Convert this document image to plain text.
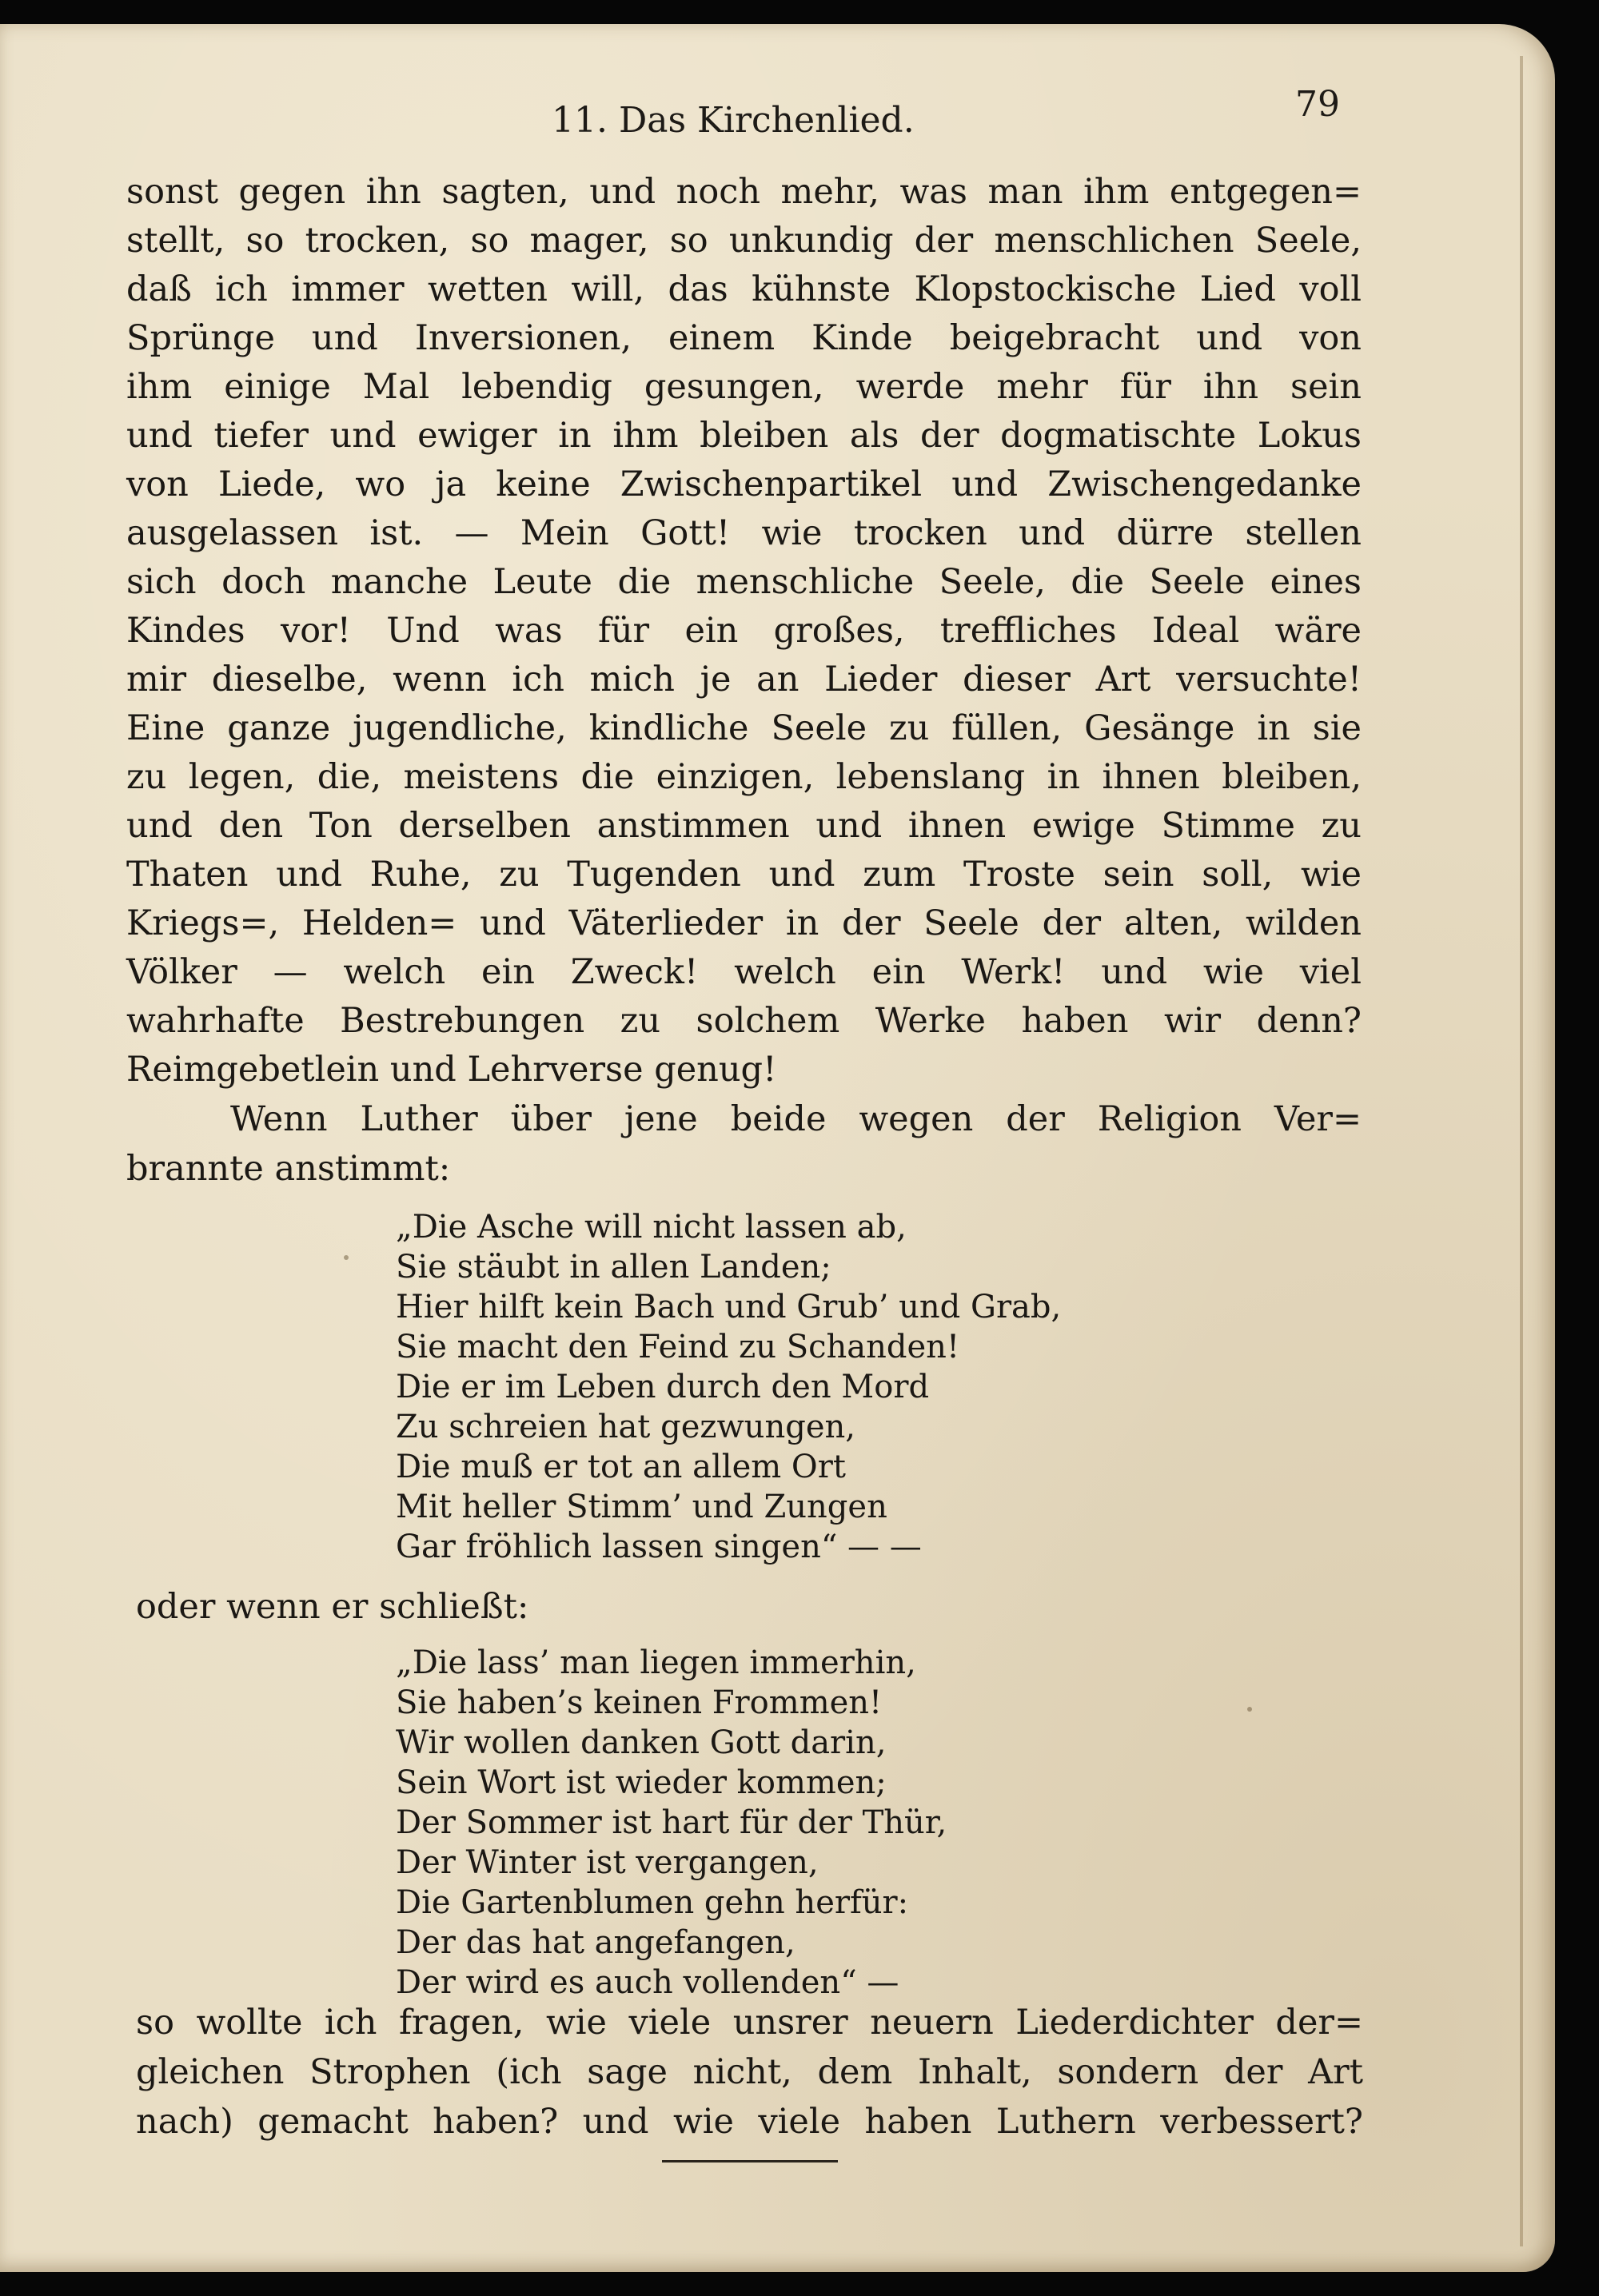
11. Das Kirchenlied.	79
sonst gegen ihn sagten, und noch mehr, was man ihm entgegen=
stellt, so trocken, so mager, so unkundig der menschlichen Seele,
daß ich immer wetten will, das kühnste Klopstockische Lied voll
Sprünge und Inversionen, einem Kinde beigebracht und von
ihm einige Mal lebendig gesungen, werde mehr für ihn sein
und tiefer und ewiger in ihm bleiben als der dogmatischte Lokus
von Liede, wo ja keine Zwischenpartikel und Zwischengedanke
ausgelassen ist. — Mein Gott! wie trocken und dürre stellen
sich doch manche Leute die menschliche Seele, die Seele eines
Kindes vor! Und was für ein großes, treffliches Ideal wäre
mir dieselbe, wenn ich mich je an Lieder dieser Art versuchte!
Eine ganze jugendliche, kindliche Seele zu füllen, Gesänge in sie
zu legen, die, meistens die einzigen, lebenslang in ihnen bleiben,
und den Ton derselben anstimmen und ihnen ewige Stimme zu
Thaten und Ruhe, zu Tugenden und zum Troste sein soll, wie
Kriegs=, Helden= und Väterlieder in der Seele der alten, wilden
Völker — welch ein Zweck! welch ein Werk! und wie viel
wahrhafte Bestrebungen zu solchem Werke haben wir denn?
Reimgebetlein und Lehrverse genug!
Wenn Luther über jene beide wegen der Religion Ver=
brannte anstimmt:
„Die Asche will nicht lassen ab,
Sie stäubt in allen Landen;
Hier hilft kein Bach und Grub’ und Grab,
Sie macht den Feind zu Schanden!
Die er im Leben durch den Mord
Zu schreien hat gezwungen,
Die muß er tot an allem Ort
Mit heller Stimm’ und Zungen
Gar fröhlich lassen singen“ — —
oder wenn er schließt:
„Die lass’ man liegen immerhin,
Sie haben’s keinen Frommen!
Wir wollen danken Gott darin,
Sein Wort ist wieder kommen;
Der Sommer ist hart für der Thür,
Der Winter ist vergangen,
Die Gartenblumen gehn herfür:
Der das hat angefangen,
Der wird es auch vollenden“ —
so wollte ich fragen, wie viele unsrer neuern Liederdichter der=
gleichen Strophen (ich sage nicht, dem Inhalt, sondern der Art
nach) gemacht haben? und wie viele haben Luthern verbessert?
